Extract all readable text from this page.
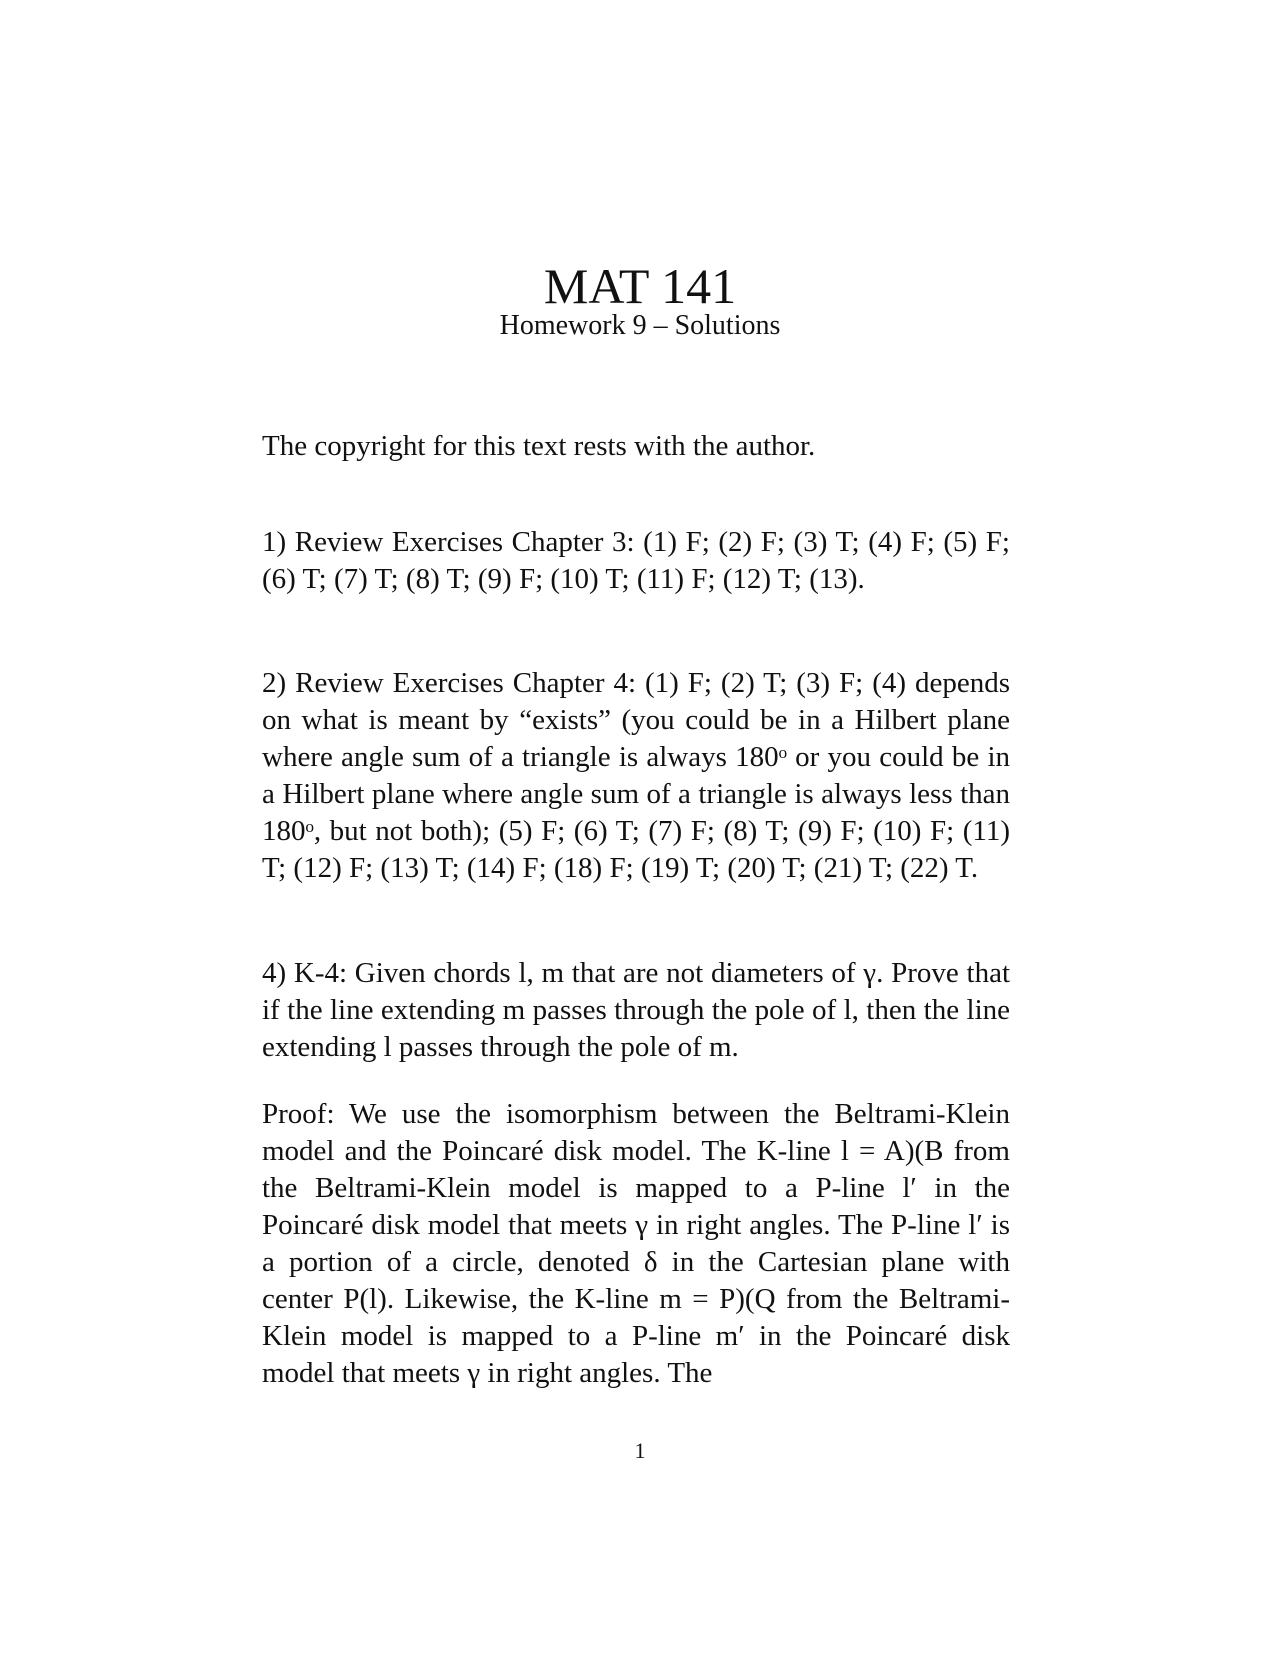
MAT 141
Homework 9 – Solutions
The copyright for this text rests with the author.
1) Review Exercises Chapter 3: (1) F; (2) F; (3) T; (4) F; (5) F; (6) T; (7) T; (8) T; (9) F; (10) T; (11) F; (12) T; (13).
2) Review Exercises Chapter 4: (1) F; (2) T; (3) F; (4) depends on what is meant by “exists” (you could be in a Hilbert plane where angle sum of a triangle is always 180ᵒ or you could be in a Hilbert plane where angle sum of a triangle is always less than 180ᵒ, but not both); (5) F; (6) T; (7) F; (8) T; (9) F; (10) F; (11) T; (12) F; (13) T; (14) F; (18) F; (19) T; (20) T; (21) T; (22) T.
4) K-4: Given chords l, m that are not diameters of γ. Prove that if the line extending m passes through the pole of l, then the line extending l passes through the pole of m.
Proof: We use the isomorphism between the Beltrami-Klein model and the Poincaré disk model. The K-line l = A)(B from the Beltrami-Klein model is mapped to a P-line l′ in the Poincaré disk model that meets γ in right angles. The P-line l′ is a portion of a circle, denoted δ in the Cartesian plane with center P(l). Likewise, the K-line m = P)(Q from the Beltrami-Klein model is mapped to a P-line m′ in the Poincaré disk model that meets γ in right angles. The
1
